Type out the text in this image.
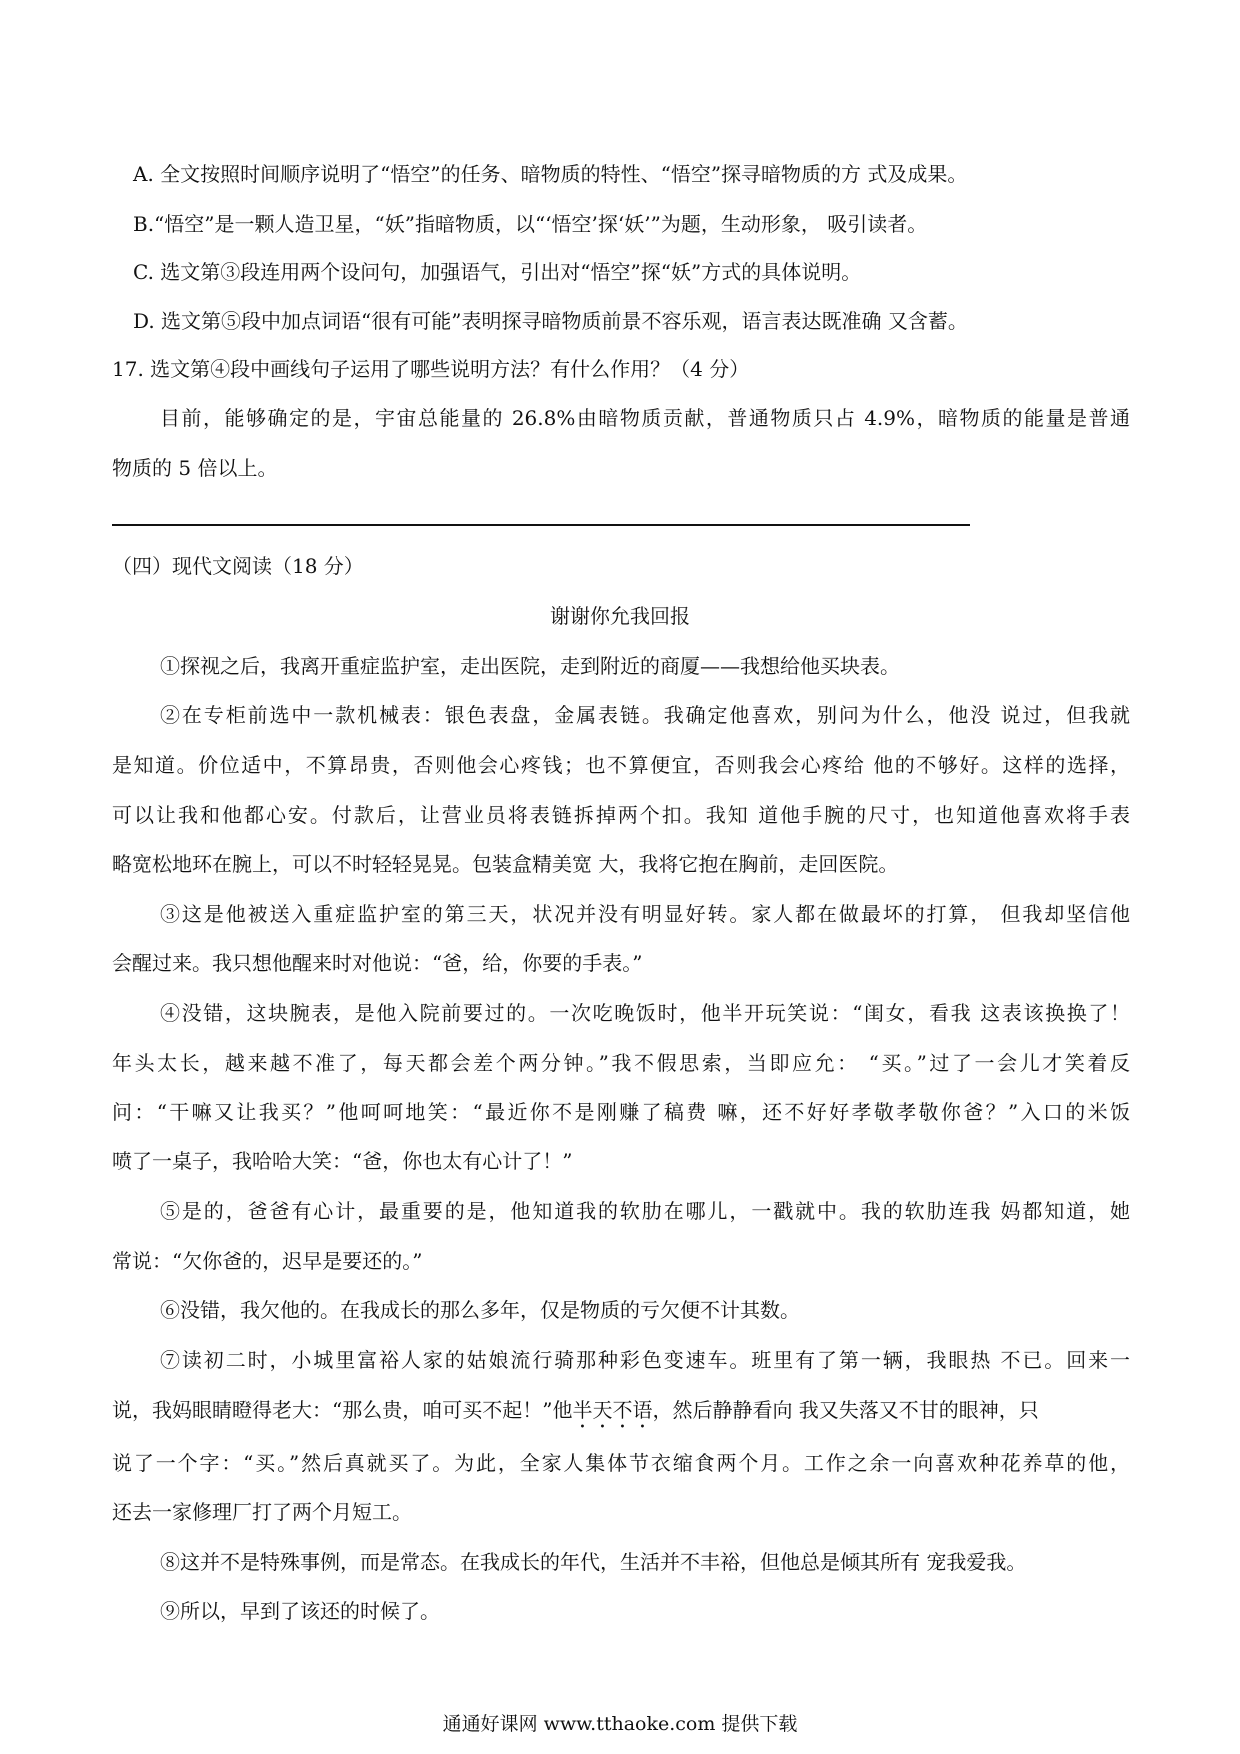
A. 全文按照时间顺序说明了“悟空”的任务、暗物质的特性、“悟空”探寻暗物质的方 式及成果。
B.“悟空”是一颗人造卫星，“妖”指暗物质，以“‘悟空’探‘妖’”为题，生动形象， 吸引读者。
C. 选文第③段连用两个设问句，加强语气，引出对“悟空”探“妖”方式的具体说明。
D. 选文第⑤段中加点词语“很有可能”表明探寻暗物质前景不容乐观，语言表达既准确 又含蓄。
17. 选文第④段中画线句子运用了哪些说明方法？有什么作用？（4 分）
目前，能够确定的是，宇宙总能量的 26.8%由暗物质贡献，普通物质只占 4.9%，暗物质的能量是普通
物质的 5 倍以上。
（四）现代文阅读（18 分）
谢谢你允我回报
①探视之后，我离开重症监护室，走出医院，走到附近的商厦——我想给他买块表。
②在专柜前选中一款机械表：银色表盘，金属表链。我确定他喜欢，别问为什么，他没 说过，但我就
是知道。价位适中，不算昂贵，否则他会心疼钱；也不算便宜，否则我会心疼给 他的不够好。这样的选择，
可以让我和他都心安。付款后，让营业员将表链拆掉两个扣。我知 道他手腕的尺寸，也知道他喜欢将手表
略宽松地环在腕上，可以不时轻轻晃晃。包装盒精美宽 大，我将它抱在胸前，走回医院。
③这是他被送入重症监护室的第三天，状况并没有明显好转。家人都在做最坏的打算， 但我却坚信他
会醒过来。我只想他醒来时对他说：“爸，给，你要的手表。”
④没错，这块腕表，是他入院前要过的。一次吃晚饭时，他半开玩笑说：“闺女，看我 这表该换换了！
年头太长，越来越不准了，每天都会差个两分钟。”我不假思索，当即应允： “买。”过了一会儿才笑着反
问：“干嘛又让我买？”他呵呵地笑：“最近你不是刚赚了稿费 嘛，还不好好孝敬孝敬你爸？”入口的米饭
喷了一桌子，我哈哈大笑：“爸，你也太有心计了！”
⑤是的，爸爸有心计，最重要的是，他知道我的软肋在哪儿，一戳就中。我的软肋连我 妈都知道，她
常说：“欠你爸的，迟早是要还的。”
⑥没错，我欠他的。在我成长的那么多年，仅是物质的亏欠便不计其数。
⑦读初二时，小城里富裕人家的姑娘流行骑那种彩色变速车。班里有了第一辆，我眼热 不已。回来一
说，我妈眼睛瞪得老大：“那么贵，咱可买不起！”他半天不语，然后静静看向 我又失落又不甘的眼神，只
说了一个字：“买。”然后真就买了。为此，全家人集体节衣缩食两个月。工作之余一向喜欢种花养草的他，
还去一家修理厂打了两个月短工。
⑧这并不是特殊事例，而是常态。在我成长的年代，生活并不丰裕，但他总是倾其所有 宠我爱我。
⑨所以，早到了该还的时候了。
通通好课网 www.tthaoke.com 提供下载
